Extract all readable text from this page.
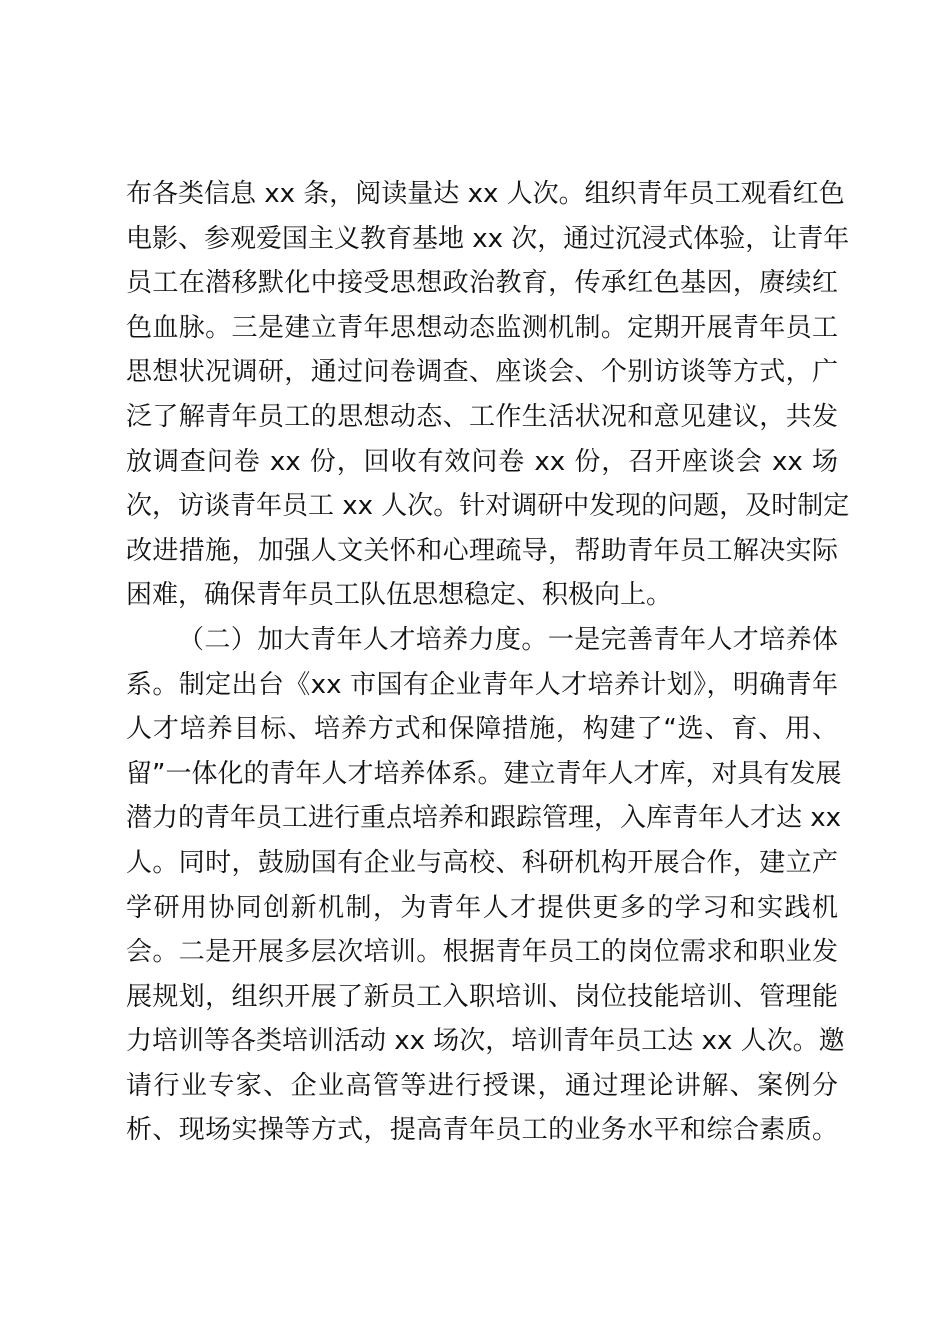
布各类信息 xx 条，阅读量达 xx 人次。组织青年员工观看红色
电影、参观爱国主义教育基地 xx 次，通过沉浸式体验，让青年
员工在潜移默化中接受思想政治教育，传承红色基因，赓续红
色血脉。三是建立青年思想动态监测机制。定期开展青年员工
思想状况调研，通过问卷调查、座谈会、个别访谈等方式，广
泛了解青年员工的思想动态、工作生活状况和意见建议，共发
放调查问卷 xx 份，回收有效问卷 xx 份，召开座谈会 xx 场
次，访谈青年员工 xx 人次。针对调研中发现的问题，及时制定
改进措施，加强人文关怀和心理疏导，帮助青年员工解决实际
困难，确保青年员工队伍思想稳定、积极向上。
（二）加大青年人才培养力度。一是完善青年人才培养体
系。制定出台《xx 市国有企业青年人才培养计划》，明确青年
人才培养目标、培养方式和保障措施，构建了“选、育、用、
留”一体化的青年人才培养体系。建立青年人才库，对具有发展
潜力的青年员工进行重点培养和跟踪管理，入库青年人才达 xx
人。同时，鼓励国有企业与高校、科研机构开展合作，建立产
学研用协同创新机制，为青年人才提供更多的学习和实践机
会。二是开展多层次培训。根据青年员工的岗位需求和职业发
展规划，组织开展了新员工入职培训、岗位技能培训、管理能
力培训等各类培训活动 xx 场次，培训青年员工达 xx 人次。邀
请行业专家、企业高管等进行授课，通过理论讲解、案例分
析、现场实操等方式，提高青年员工的业务水平和综合素质。
